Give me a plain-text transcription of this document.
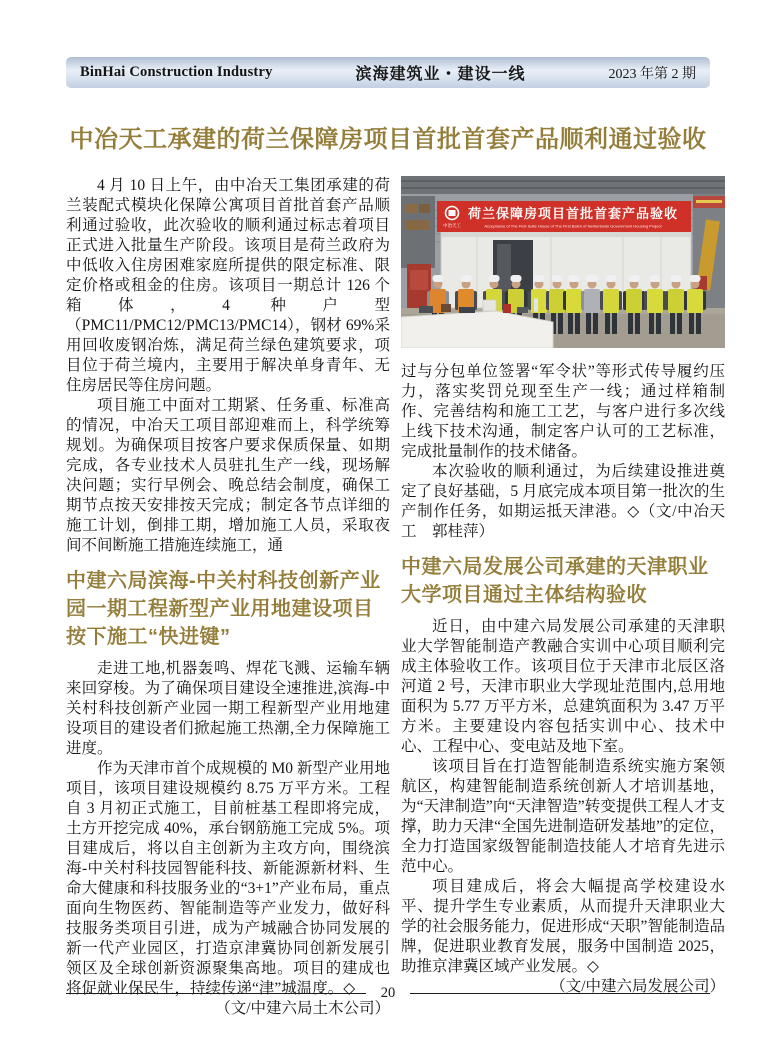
BinHai Construction Industry	滨海建筑业・建设一线	2023 年第 2 期
中冶天工承建的荷兰保障房项目首批首套产品顺利通过验收

4 月 10 日上午，由中冶天工集团承建的荷兰装配式模块化保障公寓项目首批首套产品顺利通过验收，此次验收的顺利通过标志着项目正式进入批量生产阶段。该项目是荷兰政府为中低收入住房困难家庭所提供的限定标准、限定价格或租金的住房。该项目一期总计 126 个箱体，4 种户型（PMC11/PMC12/PMC13/PMC14），钢材 69%采用回收废钢冶炼，满足荷兰绿色建筑要求，项目位于荷兰境内，主要用于解决单身青年、无住房居民等住房问题。

项目施工中面对工期紧、任务重、标准高的情况，中冶天工项目部迎难而上，科学统筹规划。为确保项目按客户要求保质保量、如期完成，各专业技术人员驻扎生产一线，现场解决问题；实行早例会、晚总结会制度，确保工期节点按天安排按天完成；制定各节点详细的施工计划，倒排工期，增加施工人员，采取夜间不间断施工措施连续施工，通

中建六局滨海-中关村科技创新产业园一期工程新型产业用地建设项目按下施工“快进键”

走进工地,机器轰鸣、焊花飞溅、运输车辆来回穿梭。为了确保项目建设全速推进,滨海-中关村科技创新产业园一期工程新型产业用地建设项目的建设者们掀起施工热潮,全力保障施工进度。

作为天津市首个成规模的 M0 新型产业用地项目，该项目建设规模约 8.75 万平方米。工程自 3 月初正式施工，目前桩基工程即将完成，土方开挖完成 40%，承台钢筋施工完成 5%。项目建成后，将以自主创新为主攻方向，围绕滨海-中关村科技园智能科技、新能源新材料、生命大健康和科技服务业的“3+1”产业布局，重点面向生物医药、智能制造等产业发力，做好科技服务类项目引进，成为产城融合协同发展的新一代产业园区，打造京津冀协同创新发展引领区及全球创新资源聚集高地。项目的建成也将促就业保民生，持续传递“津”城温度。◇
（文/中建六局土木公司）

中冶天工
荷兰保障房项目首批首套产品验收
Acceptance of The First Suite House of The First Batch of Netherlands Government Housing Project

过与分包单位签署“军令状”等形式传导履约压力，落实奖罚兑现至生产一线；通过样箱制作、完善结构和施工工艺，与客户进行多次线上线下技术沟通，制定客户认可的工艺标准，完成批量制作的技术储备。

本次验收的顺利通过，为后续建设推进奠定了良好基础，5 月底完成本项目第一批次的生产制作任务，如期运抵天津港。◇（文/中冶天工　郭桂萍）

中建六局发展公司承建的天津职业大学项目通过主体结构验收

近日，由中建六局发展公司承建的天津职业大学智能制造产教融合实训中心项目顺利完成主体验收工作。该项目位于天津市北辰区洛河道 2 号，天津市职业大学现址范围内,总用地面积为 5.77 万平方米，总建筑面积为 3.47 万平方米。主要建设内容包括实训中心、技术中心、工程中心、变电站及地下室。

该项目旨在打造智能制造系统实施方案领航区，构建智能制造系统创新人才培训基地，为“天津制造”向“天津智造”转变提供工程人才支撑，助力天津“全国先进制造研发基地”的定位，全力打造国家级智能制造技能人才培育先进示范中心。

项目建成后，将会大幅提高学校建设水平、提升学生专业素质，从而提升天津职业大学的社会服务能力，促进形成“天职”智能制造品牌，促进职业教育发展，服务中国制造 2025，助推京津冀区域产业发展。◇
（文/中建六局发展公司）

20
